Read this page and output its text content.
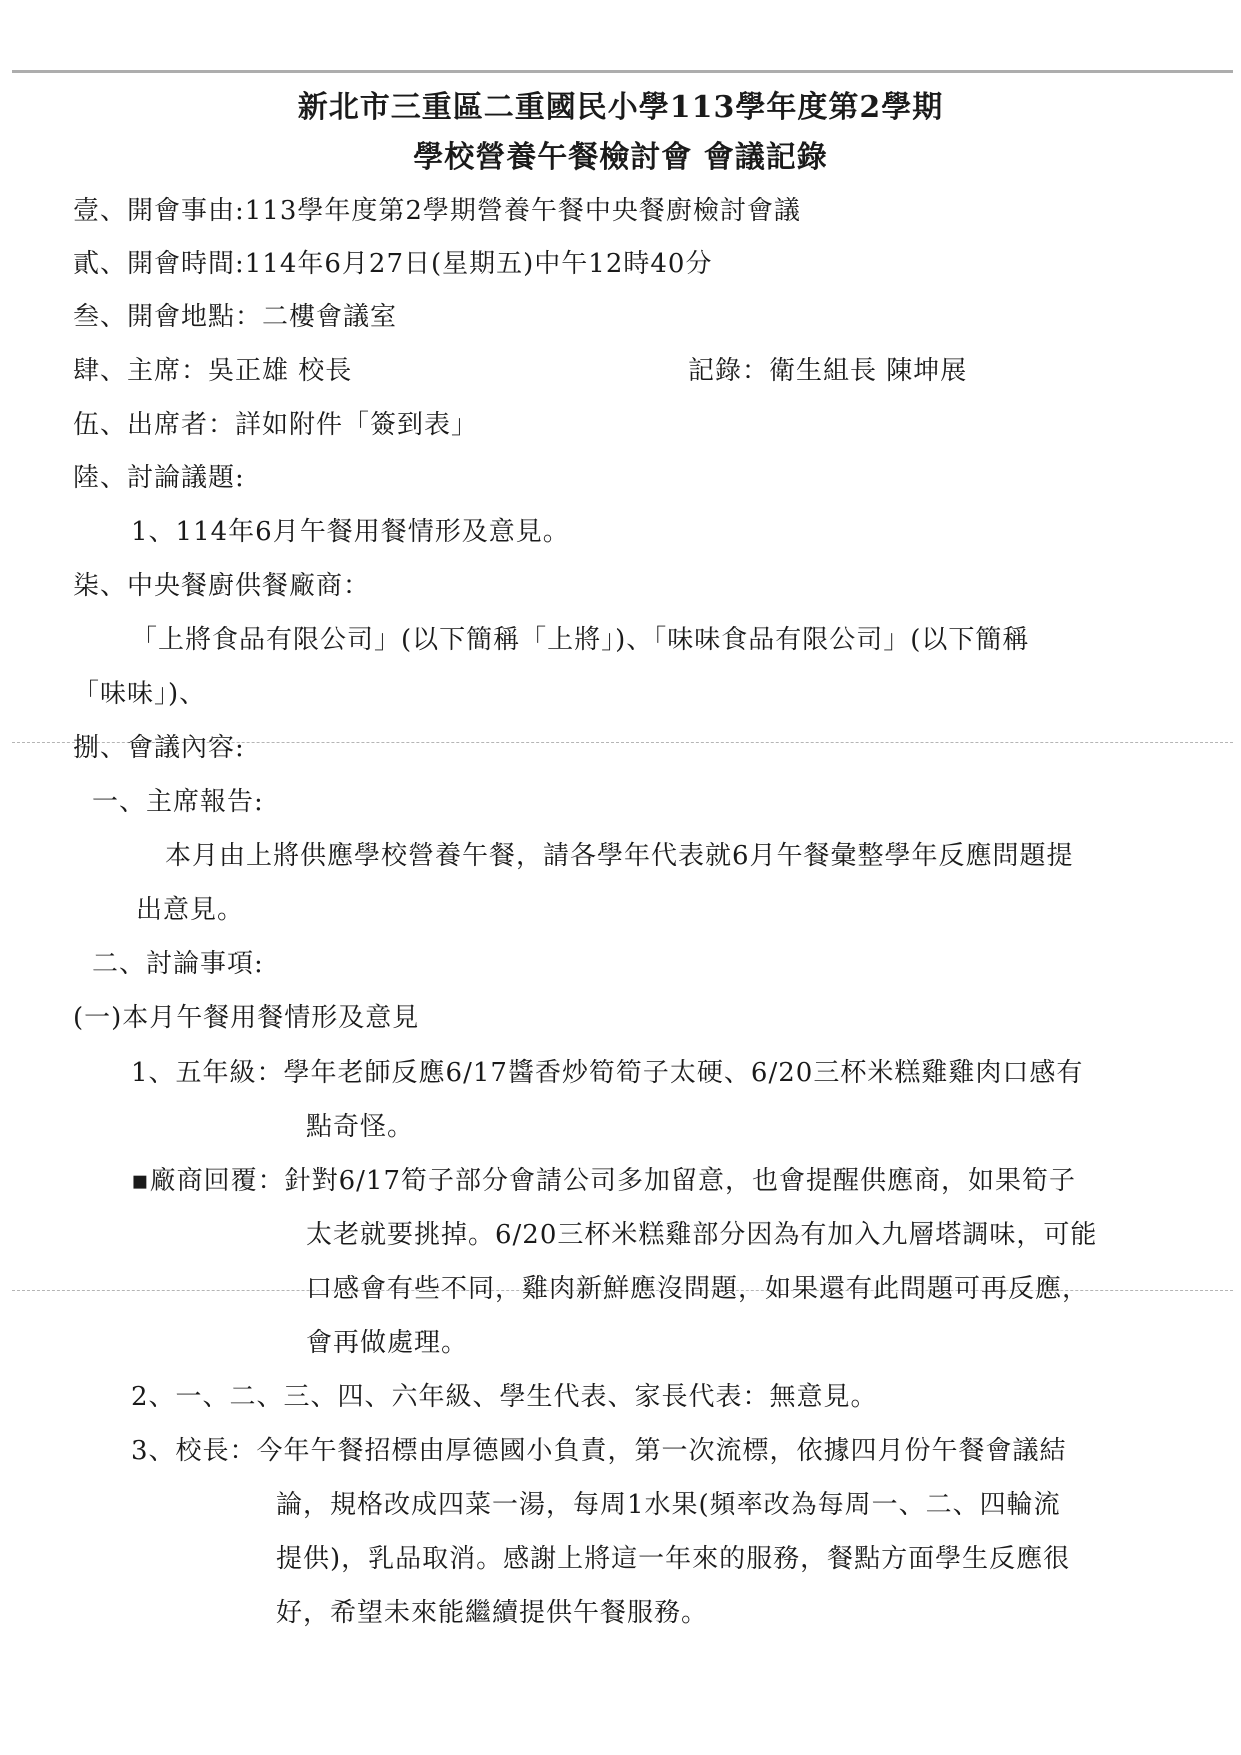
新北市三重區二重國民小學113學年度第2學期
學校營養午餐檢討會 會議記錄
壹、開會事由:113學年度第2學期營養午餐中央餐廚檢討會議
貳、開會時間:114年6月27日(星期五)中午12時40分
叁、開會地點：二樓會議室
肆、主席：吳正雄 校長	記錄：衛生組長 陳坤展
伍、出席者：詳如附件「簽到表」
陸、討論議題:
1、114年6月午餐用餐情形及意見。
柒、中央餐廚供餐廠商：
「上將食品有限公司」(以下簡稱「上將」)、「味味食品有限公司」(以下簡稱
「味味」)、
捌、會議內容:
一、主席報告:
本月由上將供應學校營養午餐，請各學年代表就6月午餐彙整學年反應問題提
出意見。
二、討論事項:
(一)本月午餐用餐情形及意見
1、五年級：學年老師反應6/17醬香炒筍筍子太硬、6/20三杯米糕雞雞肉口感有
點奇怪。
▪廠商回覆：針對6/17筍子部分會請公司多加留意，也會提醒供應商，如果筍子
太老就要挑掉。6/20三杯米糕雞部分因為有加入九層塔調味，可能
口感會有些不同，雞肉新鮮應沒問題，如果還有此問題可再反應，
會再做處理。
2、一、二、三、四、六年級、學生代表、家長代表：無意見。
3、校長：今年午餐招標由厚德國小負責，第一次流標，依據四月份午餐會議結
論，規格改成四菜一湯，每周1水果(頻率改為每周一、二、四輪流
提供)，乳品取消。感謝上將這一年來的服務，餐點方面學生反應很
好，希望未來能繼續提供午餐服務。
